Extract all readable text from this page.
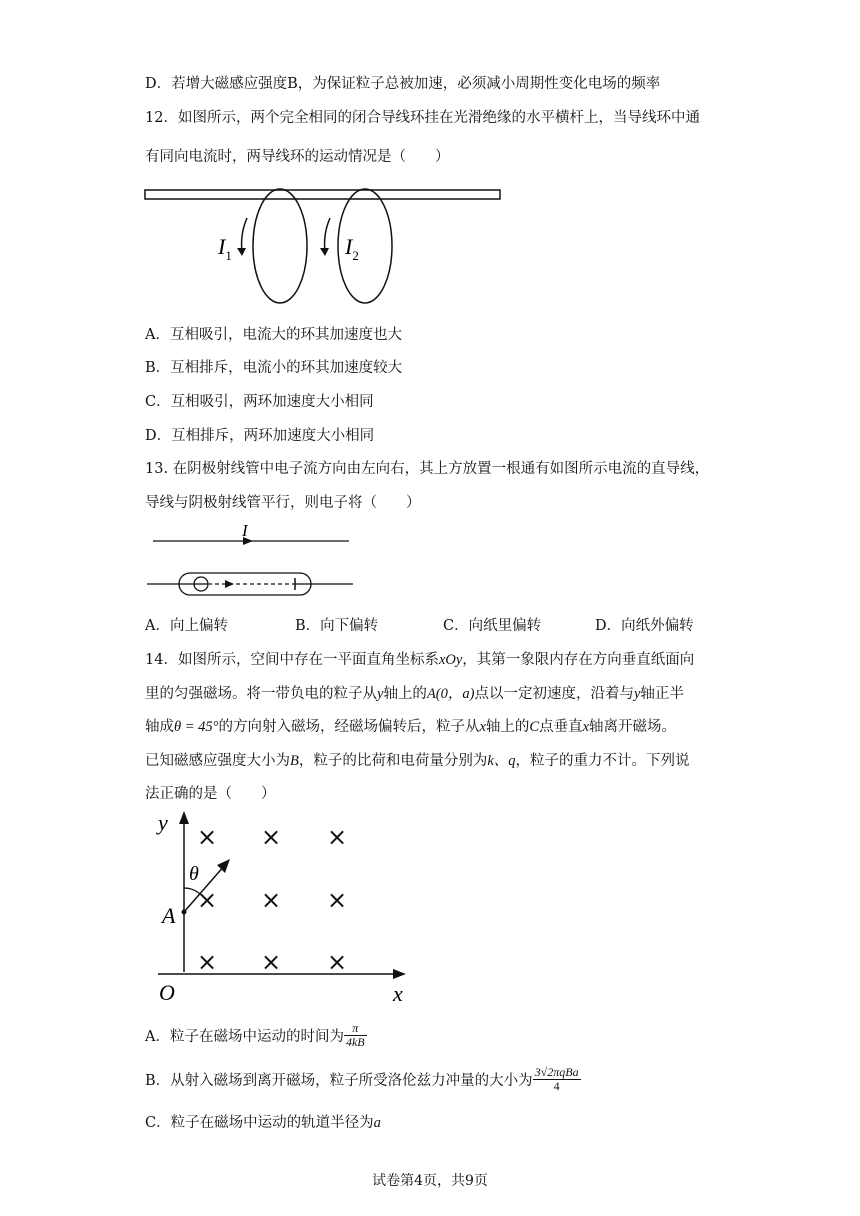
D．若增大磁感应强度B，为保证粒子总被加速，必须减小周期性变化电场的频率
12．如图所示，两个完全相同的闭合导线环挂在光滑绝缘的水平横杆上，当导线环中通
有同向电流时，两导线环的运动情况是（　　）
$I_1$	$I_2$
A．互相吸引，电流大的环其加速度也大
B．互相排斥，电流小的环其加速度较大
C．互相吸引，两环加速度大小相同
D．互相排斥，两环加速度大小相同
13. 在阴极射线管中电子流方向由左向右，其上方放置一根通有如图所示电流的直导线，
导线与阴极射线管平行，则电子将（　　）
I
A．向上偏转	B．向下偏转	C．向纸里偏转	D．向纸外偏转
14．如图所示，空间中存在一平面直角坐标系xOy，其第一象限内存在方向垂直纸面向
里的匀强磁场。将一带负电的粒子从y轴上的A(0，a)点以一定初速度，沿着与y轴正半
轴成θ = 45°的方向射入磁场，经磁场偏转后，粒子从x轴上的C点垂直x轴离开磁场。
已知磁感应强度大小为B，粒子的比荷和电荷量分别为k、q，粒子的重力不计。下列说
法正确的是（　　）
y
x
O
A
θ
× × ×
× × ×
× × ×
A．粒子在磁场中运动的时间为 $\frac{\pi}{4kB}$
B．从射入磁场到离开磁场，粒子所受洛伦兹力冲量的大小为 $\frac{\text{3√2πqBa}}{4}$
C．粒子在磁场中运动的轨道半径为a
试卷第4页，共9页
